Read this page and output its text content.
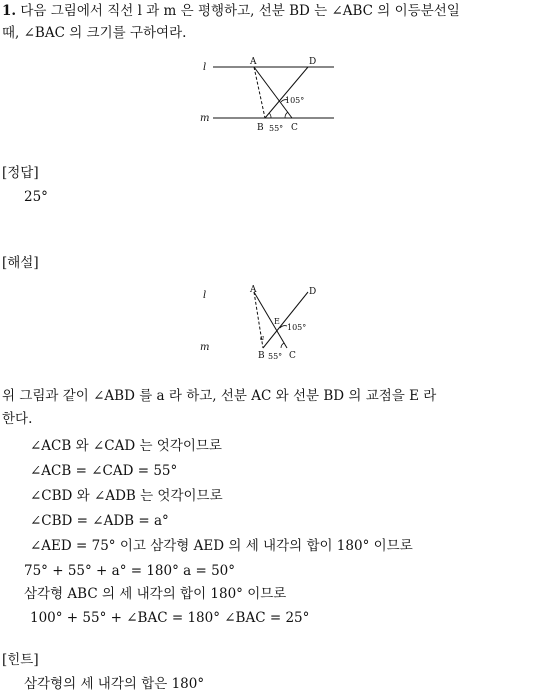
1. 다음 그림에서 직선 l 과 m 은 평행하고, 선분 BD 는 ∠ABC 의 이등분선일
때, ∠BAC 의 크기를 구하여라.
l
m
A	D
B	C
105°
55°
[정답]
25°
[해설]
l
m
A	D
E
a
B	C
105°
55°
위 그림과 같이 ∠ABD 를 a 라 하고, 선분 AC 와 선분 BD 의 교점을 E 라
한다.
∠ACB 와 ∠CAD 는 엇각이므로
∠ACB = ∠CAD = 55°
∠CBD 와 ∠ADB 는 엇각이므로
∠CBD = ∠ADB = a°
∠AED = 75° 이고 삼각형 AED 의 세 내각의 합이 180° 이므로
75° + 55° + a° = 180° a = 50°
삼각형 ABC 의 세 내각의 합이 180° 이므로
100° + 55° + ∠BAC = 180° ∠BAC = 25°
[힌트]
삼각형의 세 내각의 합은 180°
